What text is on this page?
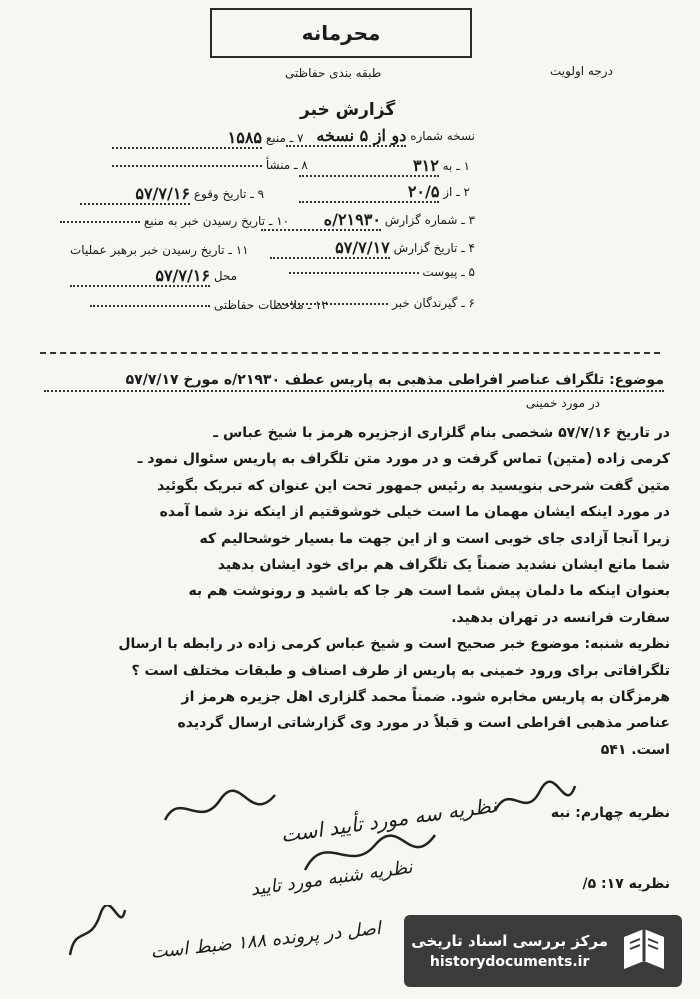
محرمانه
طبقه بندی حفاظتی	درجه اولویت
گزارش خبر
۷ ـ منبع ۱۵۸۵
۸ ـ منشأ
۹ ـ تاریخ وقوع ۵۷/۷/۱۶
۱۰ ـ تاریخ رسیدن خبر به منبع
۱۱ ـ تاریخ رسیدن خبر برهبر عملیات
محل ۵۷/۷/۱۶
۱۲ ـ ملاحظات حفاظتی
نسخه شماره دو از ۵ نسخه
۱ ـ به ۳۱۲
۲ ـ از ۲۰/۵
۳ ـ شماره گزارش ۲۱۹۳۰/ه
۴ ـ تاریخ گزارش ۵۷/۷/۱۷
۵ ـ پیوست
۶ ـ گیرندگان خبر
موضوع: تلگراف عناصر افراطی مذهبی به پاریس عطف ۲۱۹۳۰/ه مورخ ۵۷/۷/۱۷
در مورد خمینی

در تاریخ ۵۷/۷/۱۶ شخصی بنام گلزاری ازجزیره هرمز با شیخ عباس ـ

کرمی زاده (متین) تماس گرفت و در مورد متن تلگراف به پاریس سئوال نمود ـ

متین گفت شرحی بنویسید به رئیس جمهور تحت این عنوان که تبریک بگوئید

در مورد اینکه ایشان مهمان ما است خیلی خوشوقتیم از اینکه نزد شما آمده

زیرا آنجا آزادی جای خوبی است و از این جهت ما بسیار خوشحالیم که

شما مانع ایشان نشدید ضمناً یک تلگراف هم برای خود ایشان بدهید

بعنوان اینکه ما دلمان پیش شما است هر جا که باشید و رونوشت هم به

سفارت فرانسه در تهران بدهید.

نظریه شنبه: موضوع خبر صحیح است و شیخ عباس کرمی زاده در رابطه با ارسال

تلگرافاتی برای ورود خمینی به پاریس از طرف اصناف و طبقات مختلف است ؟

هرمزگان به پاریس مخابره شود. ضمناً محمد گلزاری اهل جزیره هرمز از

عناصر مذهبی افراطی است و قبلاً در مورد وی گزارشاتی ارسال گردیده

است. ۵۴۱

نظریه چهارم: نبه
نظریه سه مورد تأیید است
نظریه ۱۷: ۵/
نظریه شنبه مورد تایید
اصل در پرونده ۱۸۸ ضبط است مرکز بررسی اسناد تاریخی
historydocuments.ir
